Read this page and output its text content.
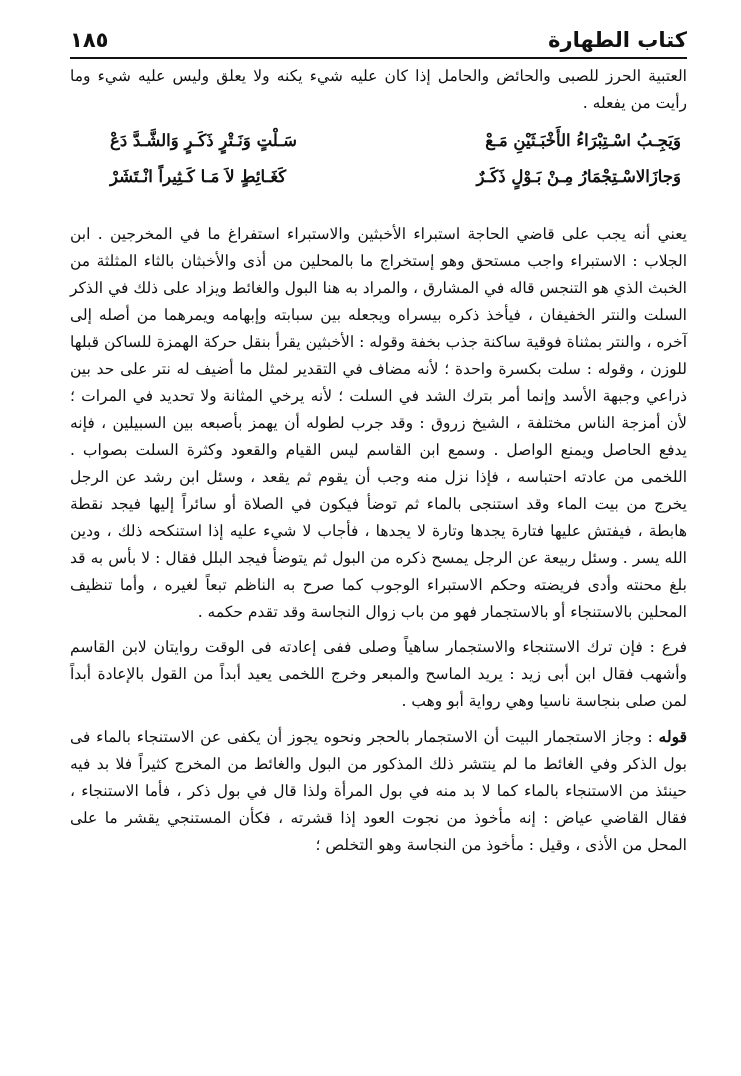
كتاب الطهارة
١٨٥

العتبية الحرز للصبى والحائض والحامل إذا كان عليه شيء يكنه ولا يعلق وليس عليه شيء وما رأيت من يفعله .

وَيَجِـبُ اسْـتِبْرَاءُ الأَخْبَـثَيْنِ مَـعْ
سَـلْتٍ وَنَـتْرٍ ذَكَـرٍ وَالشَّـدَّ دَعْ
وَجازَالاسْـتِجْمَارُ مِـنْ بَـوْلٍ ذَكَـرٌ
كَغَـائِطٍ لاَ مَـا كَـثِيراً انْـتَشَرْ

يعني أنه يجب على قاضي الحاجة استبراء الأخبثين والاستبراء استفراغ ما في المخرجين . ابن الجلاب : الاستبراء واجب مستحق وهو إستخراج ما بالمحلين من أذى والأخبثان بالثاء المثلثة من الخبث الذي هو التنجس قاله في المشارق ، والمراد به هنا البول والغائط ويزاد على ذلك في الذكر السلت والنتر الخفيفان ، فيأخذ ذكره بيسراه ويجعله بين سبابته وإبهامه ويمرهما من أصله إلى آخره ، والنتر بمثناة فوقية ساكنة جذب بخفة وقوله : الأخبثين يقرأ بنقل حركة الهمزة للساكن قبلها للوزن ، وقوله : سلت بكسرة واحدة ؛ لأنه مضاف في التقدير لمثل ما أضيف له نتر على حد بين ذراعي وجبهة الأسد وإنما أمر بترك الشد في السلت ؛ لأنه يرخي المثانة ولا تحديد في المرات ؛ لأن أمزجة الناس مختلفة ، الشيخ زروق : وقد جرب لطوله أن يهمز بأصبعه بين السبيلين ، فإنه يدفع الحاصل ويمنع الواصل . وسمع ابن القاسم ليس القيام والقعود وكثرة السلت بصواب . اللخمى من عادته احتباسه ، فإذا نزل منه وجب أن يقوم ثم يقعد ، وسئل ابن رشد عن الرجل يخرج من بيت الماء وقد استنجى بالماء ثم توضأ فيكون في الصلاة أو سائراً إليها فيجد نقطة هابطة ، فيفتش عليها فتارة يجدها وتارة لا يجدها ، فأجاب لا شيء عليه إذا استنكحه ذلك ، ودين الله يسر . وسئل ربيعة عن الرجل يمسح ذكره من البول ثم يتوضأ فيجد البلل فقال : لا بأس به قد بلغ محنته وأدى فريضته وحكم الاستبراء الوجوب كما صرح به الناظم تبعاً لغيره ، وأما تنظيف المحلين بالاستنجاء أو بالاستجمار فهو من باب زوال النجاسة وقد تقدم حكمه .

فرع : فإن ترك الاستنجاء والاستجمار ساهياً وصلى ففى إعادته فى الوقت روايتان لابن القاسم وأشهب فقال ابن أبى زيد : يريد الماسح والمبعر وخرج اللخمى يعيد أبداً من القول بالإعادة أبداً لمن صلى بنجاسة ناسيا وهي رواية أبو وهب .

قوله : وجاز الاستجمار البيت أن الاستجمار بالحجر ونحوه يجوز أن يكفى عن الاستنجاء بالماء فى بول الذكر وفي الغائط ما لم ينتشر ذلك المذكور من البول والغائط من المخرج كثيراً فلا بد فيه حينئذ من الاستنجاء بالماء كما لا بد منه في بول المرأة ولذا قال في بول ذكر ، فأما الاستنجاء ، فقال القاضي عياض : إنه مأخوذ من نجوت العود إذا قشرته ، فكأن المستنجي يقشر ما على المحل من الأذى ، وقيل : مأخوذ من النجاسة وهو التخلص ؛
